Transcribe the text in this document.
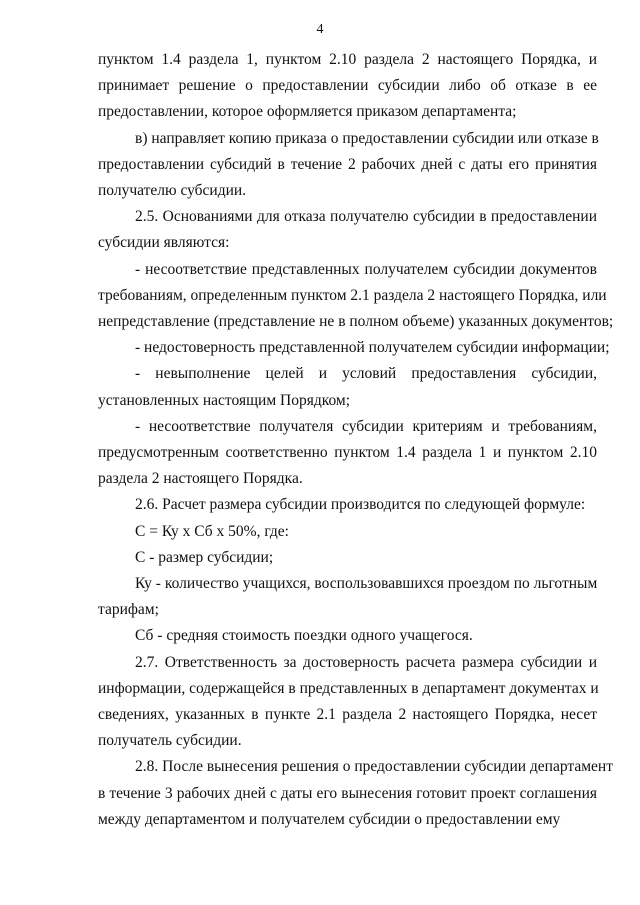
4

пунктом 1.4 раздела 1, пунктом 2.10 раздела 2 настоящего Порядка, и
принимает решение о предоставлении субсидии либо об отказе в ее
предоставлении, которое оформляется приказом департамента;

в) направляет копию приказа о предоставлении субсидии или отказе в
предоставлении субсидий в течение 2 рабочих дней с даты его принятия
получателю субсидии.

2.5. Основаниями для отказа получателю субсидии в предоставлении
субсидии являются:

- несоответствие представленных получателем субсидии документов
требованиям, определенным пунктом 2.1 раздела 2 настоящего Порядка, или
непредставление (представление не в полном объеме) указанных документов;

- недостоверность представленной получателем субсидии информации;

- невыполнение целей и условий предоставления субсидии,
установленных настоящим Порядком;

- несоответствие получателя субсидии критериям и требованиям,
предусмотренным соответственно пунктом 1.4 раздела 1 и пунктом 2.10
раздела 2 настоящего Порядка.

2.6. Расчет размера субсидии производится по следующей формуле:

С = Ку х Сб х 50%, где:

С - размер субсидии;

Ку - количество учащихся, воспользовавшихся проездом по льготным
тарифам;

Сб - средняя стоимость поездки одного учащегося.

2.7. Ответственность за достоверность расчета размера субсидии и
информации, содержащейся в представленных в департамент документах и
сведениях, указанных в пункте 2.1 раздела 2 настоящего Порядка, несет
получатель субсидии.

2.8. После вынесения решения о предоставлении субсидии департамент
в течение 3 рабочих дней с даты его вынесения готовит проект соглашения
между департаментом и получателем субсидии о предоставлении ему
